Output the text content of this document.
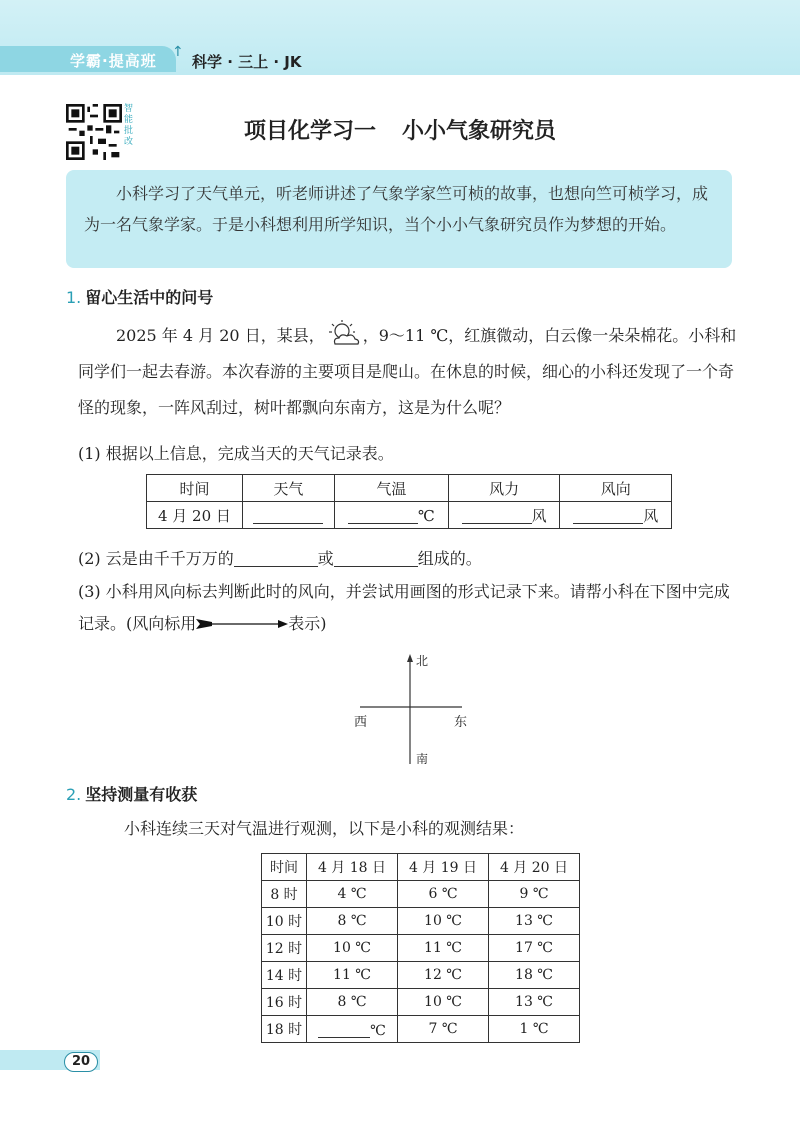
学霸·提高班 ↑
科学 · 三上 · JK
智能批改	项目化学习一 小小气象研究员

小科学习了天气单元，听老师讲述了气象学家竺可桢的故事，也想向竺可桢学习，成为一名气象学家。于是小科想利用所学知识，当个小小气象研究员作为梦想的开始。

1. 留心生活中的问号

2025 年 4 月 20 日，某县， ，9～11 ℃，红旗微动，白云像一朵朵棉花。小科和同学们一起去春游。本次春游的主要项目是爬山。在休息的时候，细心的小科还发现了一个奇怪的现象，一阵风刮过，树叶都飘向东南方，这是为什么呢？

(1) 根据以上信息，完成当天的天气记录表。
时间	天气	气温	风力	风向
4 月 20 日		℃	风	风
(2) 云是由千千万万的	或	组成的。

(3) 小科用风向标去判断此时的风向，并尝试用画图的形式记录下来。请帮小科在下图中完成记录。(风向标用	表示)

北
南
东
西
2. 坚持测量有收获
小科连续三天对气温进行观测，以下是小科的观测结果：
时间	4 月 18 日	4 月 19 日	4 月 20 日
8 时	4 ℃	6 ℃	9 ℃
10 时	8 ℃	10 ℃	13 ℃
12 时	10 ℃	11 ℃	17 ℃
14 时	11 ℃	12 ℃	18 ℃
16 时	8 ℃	10 ℃	13 ℃
18 时	℃	7 ℃	1 ℃
20
